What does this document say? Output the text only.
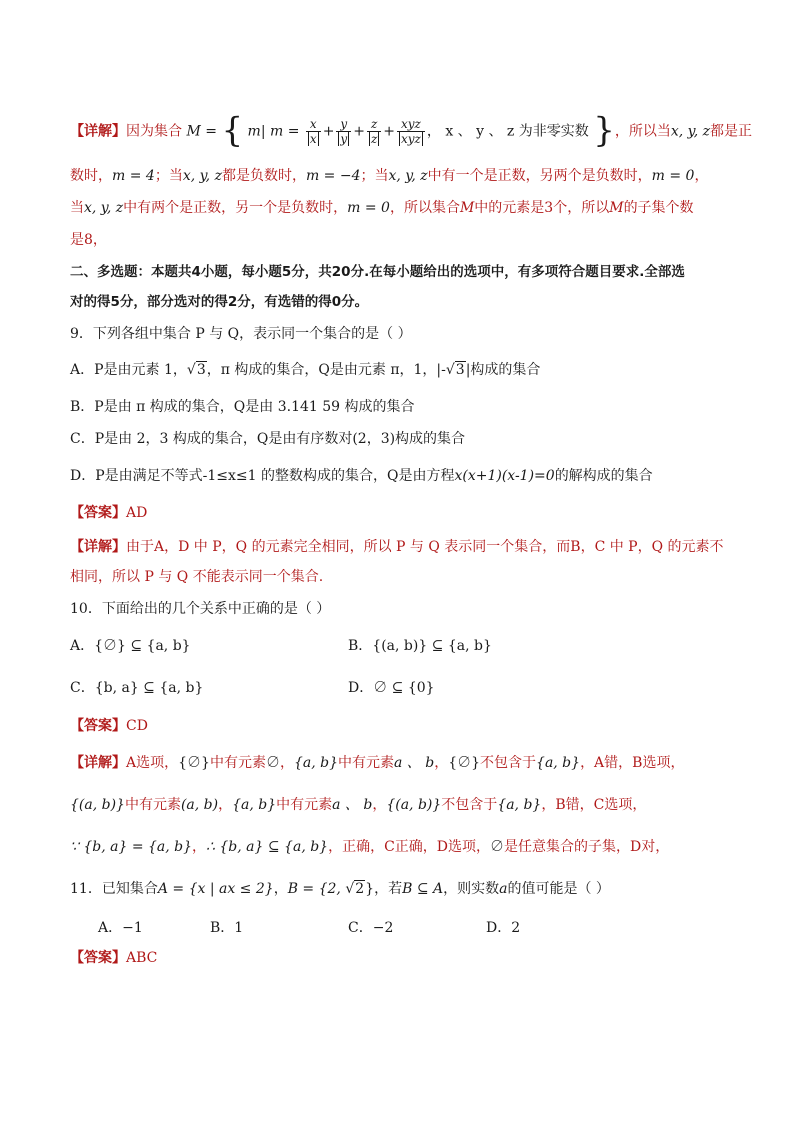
【详解】因为集合 M = { m| $m = \frac{x}{x} + \frac{y}{y} + \frac{z}{z} + \frac{\text{xyz}}{\text{xyz}}$ ， x 、 y 、 z 为非零实数 }，所以当x, y, z都是正
数时，m = 4；当x, y, z都是负数时，m = −4；当x, y, z中有一个是正数，另两个是负数时，m = 0，
当x, y, z中有两个是正数，另一个是负数时，m = 0，所以集合M中的元素是3个，所以M的子集个数
是8，
二、多选题：本题共4小题，每小题5分，共20分.在每小题给出的选项中，有多项符合题目要求.全部选
对的得5分，部分选对的得2分，有选错的得0分。
9．下列各组中集合 P 与 Q，表示同一个集合的是（ ）
A．P是由元素 1，√3，π 构成的集合，Q是由元素 π，1，|-√3|构成的集合
B．P是由 π 构成的集合，Q是由 3.141 59 构成的集合
C．P是由 2，3 构成的集合，Q是由有序数对(2，3)构成的集合
D．P是由满足不等式-1≤x≤1 的整数构成的集合，Q是由方程x(x+1)(x-1)=0的解构成的集合
【答案】AD
【详解】由于A，D 中 P，Q 的元素完全相同，所以 P 与 Q 表示同一个集合，而B，C 中 P，Q 的元素不
相同，所以 P 与 Q 不能表示同一个集合.
10．下面给出的几个关系中正确的是（ ）
A．{∅} ⊆ {a, b}	B．{(a, b)} ⊆ {a, b}
C．{b, a} ⊆ {a, b}	D．∅ ⊆ {0}
【答案】CD
【详解】A选项，{∅}中有元素∅，{a, b}中有元素a 、 b，{∅}不包含于{a, b}，A错，B选项，
{(a, b)}中有元素(a, b)，{a, b}中有元素a 、 b，{(a, b)}不包含于{a, b}，B错，C选项，
∵ {b, a} = {a, b}，∴ {b, a} ⊆ {a, b}，正确，C正确，D选项，∅是任意集合的子集，D对，
11．已知集合A = {x | ax ≤ 2}，B = {2, √2}，若B ⊆ A，则实数a的值可能是（ ）
A．−1	B．1	C．−2	D．2
【答案】ABC
